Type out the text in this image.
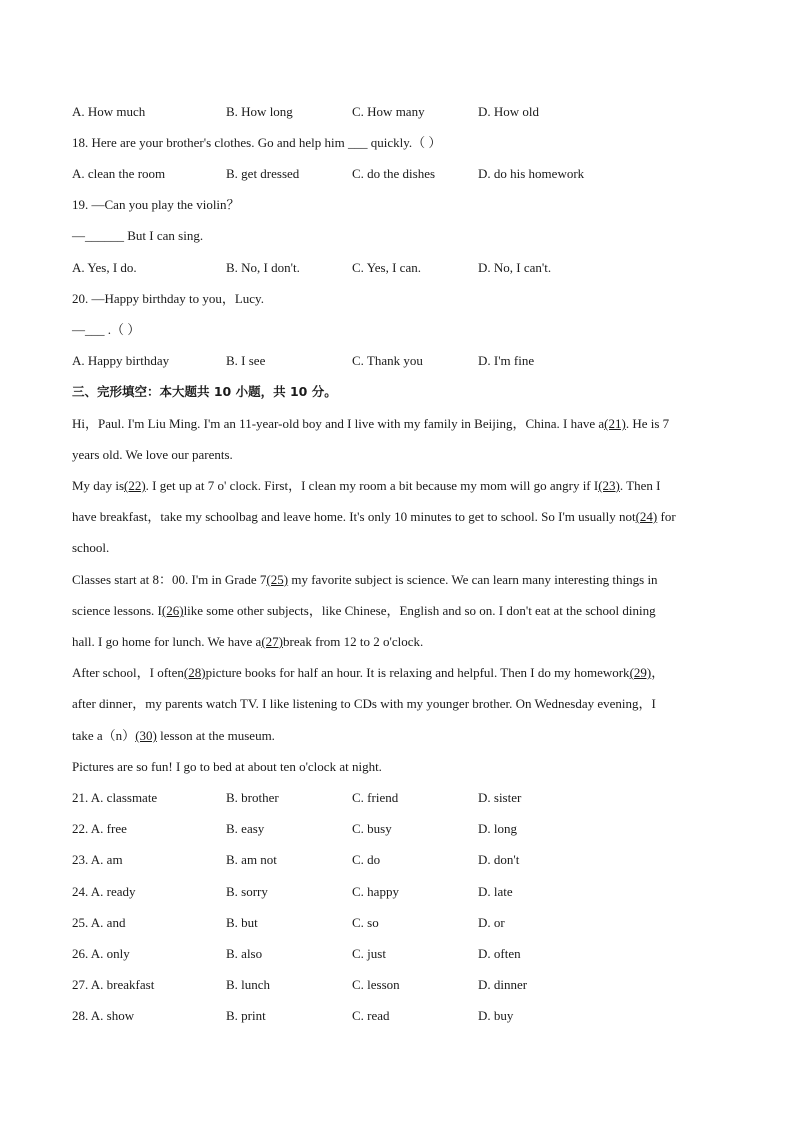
A. How much	B. How long	C. How many	D. How old
18. Here are your brother's clothes. Go and help him ___ quickly.（ ）
A. clean the room	B. get dressed	C. do the dishes	D. do his homework
19. —Can you play the violin？
—______ But I can sing.
A. Yes, I do.	B. No, I don't.	C. Yes, I can.	D. No, I can't.
20. —Happy birthday to you，Lucy.
—___ .（ ）
A. Happy birthday	B. I see	C. Thank you	D. I'm fine
三、完形填空：本大题共 10 小题，共 10 分。
Hi，Paul. I'm Liu Ming. I'm an 11-year-old boy and I live with my family in Beijing，China. I have a(21). He is 7
years old. We love our parents.
My day is(22). I get up at 7 o' clock. First，I clean my room a bit because my mom will go angry if I(23). Then I
have breakfast，take my schoolbag and leave home. It's only 10 minutes to get to school. So I'm usually not(24) for
school.
Classes start at 8：00. I'm in Grade 7(25) my favorite subject is science. We can learn many interesting things in
science lessons. I(26)like some other subjects，like Chinese，English and so on. I don't eat at the school dining
hall. I go home for lunch. We have a(27)break from 12 to 2 o'clock.
After school，I often(28)picture books for half an hour. It is relaxing and helpful. Then I do my homework(29)，
after dinner，my parents watch TV. I like listening to CDs with my younger brother. On Wednesday evening，I
take a（n）(30) lesson at the museum.
Pictures are so fun! I go to bed at about ten o'clock at night.
21. A. classmate	B. brother	C. friend	D. sister
22. A. free	B. easy	C. busy	D. long
23. A. am	B. am not	C. do	D. don't
24. A. ready	B. sorry	C. happy	D. late
25. A. and	B. but	C. so	D. or
26. A. only	B. also	C. just	D. often
27. A. breakfast	B. lunch	C. lesson	D. dinner
28. A. show	B. print	C. read	D. buy
